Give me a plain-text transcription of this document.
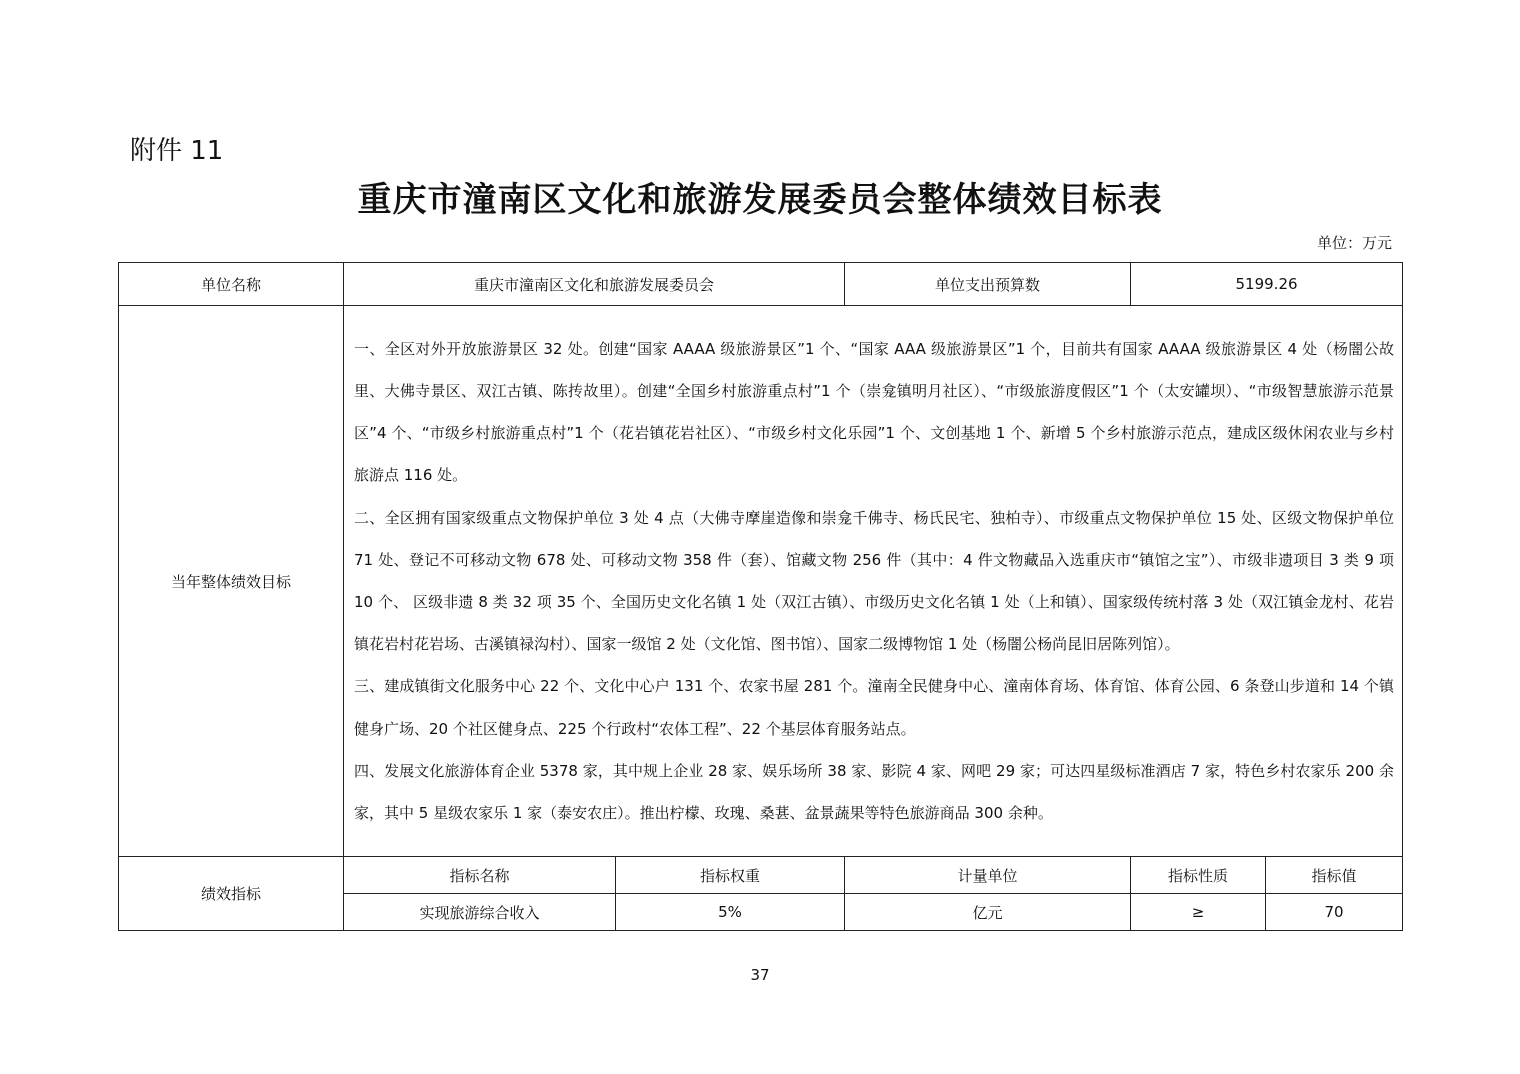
附件 11
重庆市潼南区文化和旅游发展委员会整体绩效目标表
单位：万元
单位名称	重庆市潼南区文化和旅游发展委员会		单位支出预算数	5199.26	
当年整体绩效目标	一、全区对外开放旅游景区 32 处。创建“国家 AAAA 级旅游景区”1 个、“国家 AAA 级旅游景区”1 个，目前共有国家 AAAA 级旅游景区 4 处（杨闇公故里、大佛寺景区、双江古镇、陈抟故里）。创建“全国乡村旅游重点村”1 个（崇龛镇明月社区）、“市级旅游度假区”1 个（太安罐坝）、“市级智慧旅游示范景区”4 个、“市级乡村旅游重点村”1 个（花岩镇花岩社区）、“市级乡村文化乐园”1 个、文创基地 1 个、新增 5 个乡村旅游示范点，建成区级休闲农业与乡村旅游点 116 处。
二、全区拥有国家级重点文物保护单位 3 处 4 点（大佛寺摩崖造像和崇龛千佛寺、杨氏民宅、独柏寺）、市级重点文物保护单位 15 处、区级文物保护单位 71 处、登记不可移动文物 678 处、可移动文物 358 件（套）、馆藏文物 256 件（其中：4 件文物藏品入选重庆市“镇馆之宝”）、市级非遗项目 3 类 9 项 10 个、 区级非遗 8 类 32 项 35 个、全国历史文化名镇 1 处（双江古镇）、市级历史文化名镇 1 处（上和镇）、国家级传统村落 3 处（双江镇金龙村、花岩镇花岩村花岩场、古溪镇禄沟村）、国家一级馆 2 处（文化馆、图书馆）、国家二级博物馆 1 处（杨闇公杨尚昆旧居陈列馆）。
三、建成镇街文化服务中心 22 个、文化中心户 131 个、农家书屋 281 个。潼南全民健身中心、潼南体育场、体育馆、体育公园、6 条登山步道和 14 个镇健身广场、20 个社区健身点、225 个行政村“农体工程”、22 个基层体育服务站点。
四、发展文化旅游体育企业 5378 家，其中规上企业 28 家、娱乐场所 38 家、影院 4 家、网吧 29 家；可达四星级标准酒店 7 家，特色乡村农家乐 200 余家，其中 5 星级农家乐 1 家（泰安农庄）。推出柠檬、玫瑰、桑葚、盆景蔬果等特色旅游商品 300 余种。				

绩效指标	指标名称	指标权重	计量单位	指标性质	指标值
	实现旅游综合收入	5%	亿元	≥	70
37
